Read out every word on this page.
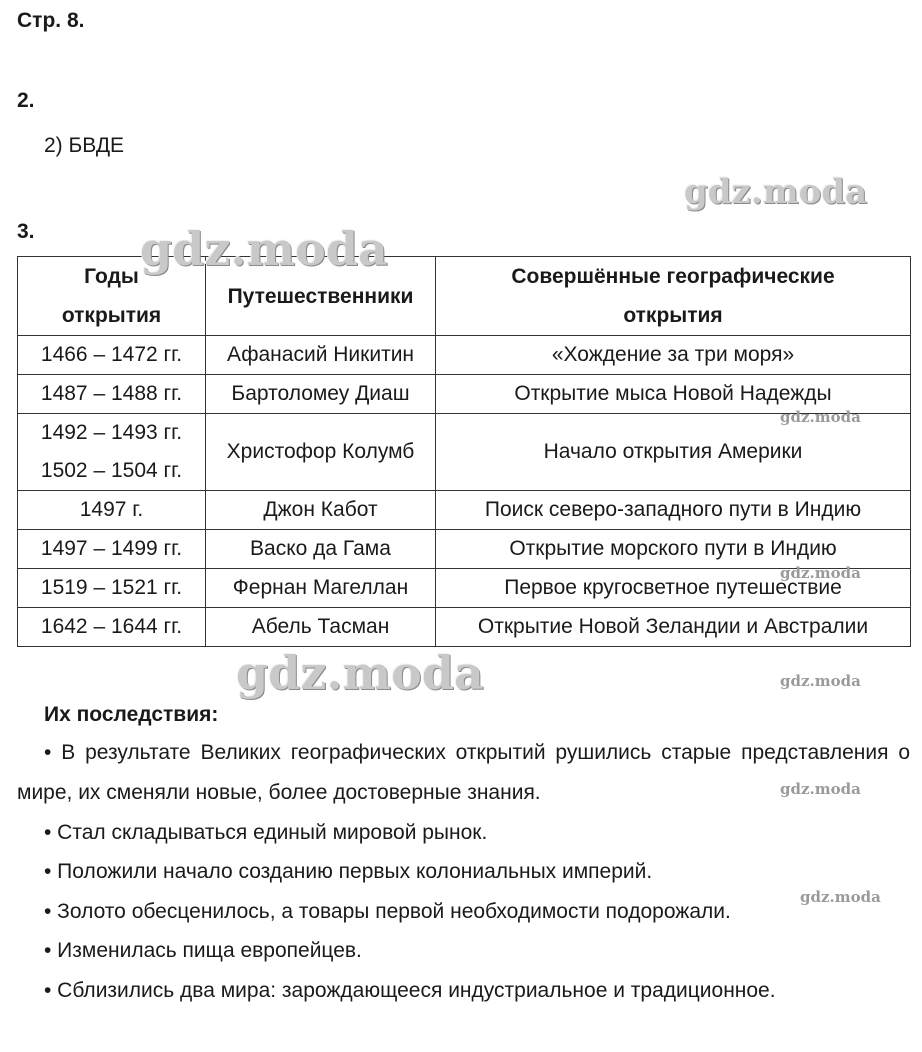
Стр. 8.
2.
2) БВДЕ
3.
Годы
открытия	Путешественники	Совершённые географические
открытия

1466 – 1472 гг.	Афанасий Никитин	«Хождение за три моря»
1487 – 1488 гг.	Бартоломеу Диаш	Открытие мыса Новой Надежды

1492 – 1493 гг.
1502 – 1504 гг.	Христофор Колумб	Начало открытия Америки
1497 г.	Джон Кабот	Поиск северо-западного пути в Индию
1497 – 1499 гг.	Васко да Гама	Открытие морского пути в Индию
1519 – 1521 гг.	Фернан Магеллан	Первое кругосветное путешествие
1642 – 1644 гг.	Абель Тасман	Открытие Новой Зеландии и Австралии
Их последствия:
• В результате Великих географических открытий рушились старые представления о мире, их сменяли новые, более достоверные знания.
• Стал складываться единый мировой рынок.
• Положили начало созданию первых колониальных империй.
• Золото обесценилось, а товары первой необходимости подорожали.
• Изменилась пища европейцев.
• Сблизились два мира: зарождающееся индустриальное и традиционное.
gdz.moda
gdz.moda
gdz.moda
gdz.moda
gdz.moda	gdz.moda
gdz.moda
gdz.moda
